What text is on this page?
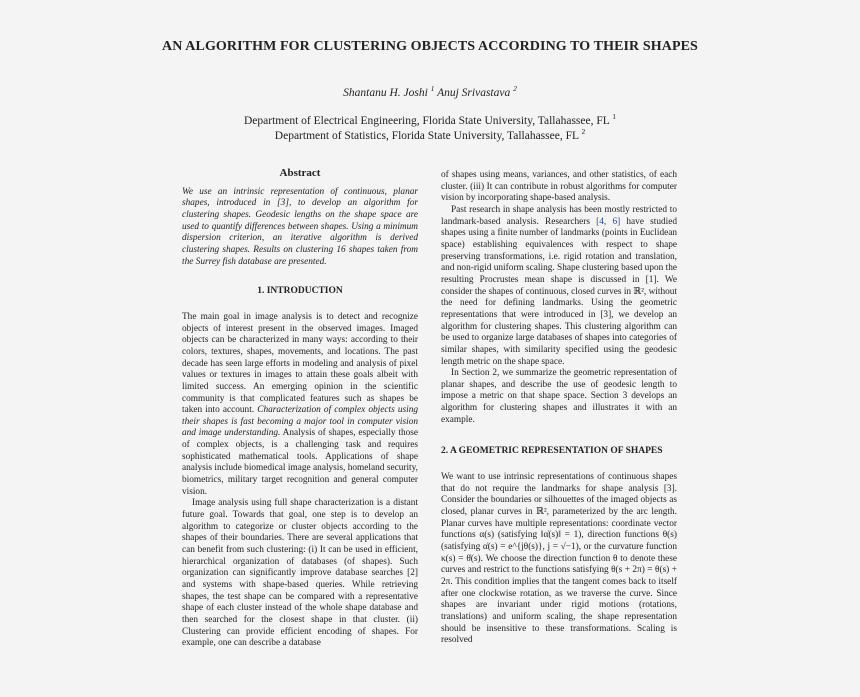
AN ALGORITHM FOR CLUSTERING OBJECTS ACCORDING TO THEIR SHAPES
Shantanu H. Joshi $^1$ Anuj Srivastava $^2$
Department of Electrical Engineering, Florida State University, Tallahassee, FL $^1$
Department of Statistics, Florida State University, Tallahassee, FL $^2$
Abstract

We use an intrinsic representation of continuous, planar shapes, introduced in [3], to develop an algorithm for clustering shapes. Geodesic lengths on the shape space are used to quantify differences between shapes. Using a minimum dispersion criterion, an iterative algorithm is derived clustering shapes. Results on clustering 16 shapes taken from the Surrey fish database are presented.

1. INTRODUCTION

The main goal in image analysis is to detect and recognize objects of interest present in the observed images. Imaged objects can be characterized in many ways: according to their colors, textures, shapes, movements, and locations. The past decade has seen large efforts in modeling and analysis of pixel values or textures in images to attain these goals albeit with limited success. An emerging opinion in the scientific community is that complicated features such as shapes be taken into account. Characterization of complex objects using their shapes is fast becoming a major tool in computer vision and image understanding. Analysis of shapes, especially those of complex objects, is a challenging task and requires sophisticated mathematical tools. Applications of shape analysis include biomedical image analysis, homeland security, biometrics, military target recognition and general computer vision.

Image analysis using full shape characterization is a distant future goal. Towards that goal, one step is to develop an algorithm to categorize or cluster objects according to the shapes of their boundaries. There are several applications that can benefit from such clustering: (i) It can be used in efficient, hierarchical organization of databases (of shapes). Such organization can significantly improve database searches [2] and systems with shape-based queries. While retrieving shapes, the test shape can be compared with a representative shape of each cluster instead of the whole shape database and then searched for the closest shape in that cluster. (ii) Clustering can provide efficient encoding of shapes. For example, one can describe a database

of shapes using means, variances, and other statistics, of each cluster. (iii) It can contribute in robust algorithms for computer vision by incorporating shape-based analysis.

Past research in shape analysis has been mostly restricted to landmark-based analysis. Researchers [4, 6] have studied shapes using a finite number of landmarks (points in Euclidean space) establishing equivalences with respect to shape preserving transformations, i.e. rigid rotation and translation, and non-rigid uniform scaling. Shape clustering based upon the resulting Procrustes mean shape is discussed in [1]. We consider the shapes of continuous, closed curves in ℝ², without the need for defining landmarks. Using the geometric representations that were introduced in [3], we develop an algorithm for clustering shapes. This clustering algorithm can be used to organize large databases of shapes into categories of similar shapes, with similarity specified using the geodesic length metric on the shape space.

In Section 2, we summarize the geometric representation of planar shapes, and describe the use of geodesic length to impose a metric on that shape space. Section 3 develops an algorithm for clustering shapes and illustrates it with an example.

2. A GEOMETRIC REPRESENTATION OF SHAPES

We want to use intrinsic representations of continuous shapes that do not require the landmarks for shape analysis [3]. Consider the boundaries or silhouettes of the imaged objects as closed, planar curves in ℝ², parameterized by the arc length. Planar curves have multiple representations: coordinate vector functions α(s) (satisfying ‖α̇(s)‖ = 1), direction functions θ(s) (satisfying α̇(s) = e^{jθ(s)}, j = √−1), or the curvature function κ(s) = θ̇(s). We choose the direction function θ to denote these curves and restrict to the functions satisfying θ(s + 2π) = θ(s) + 2π. This condition implies that the tangent comes back to itself after one clockwise rotation, as we traverse the curve. Since shapes are invariant under rigid motions (rotations, translations) and uniform scaling, the shape representation should be insensitive to these transformations. Scaling is resolved
